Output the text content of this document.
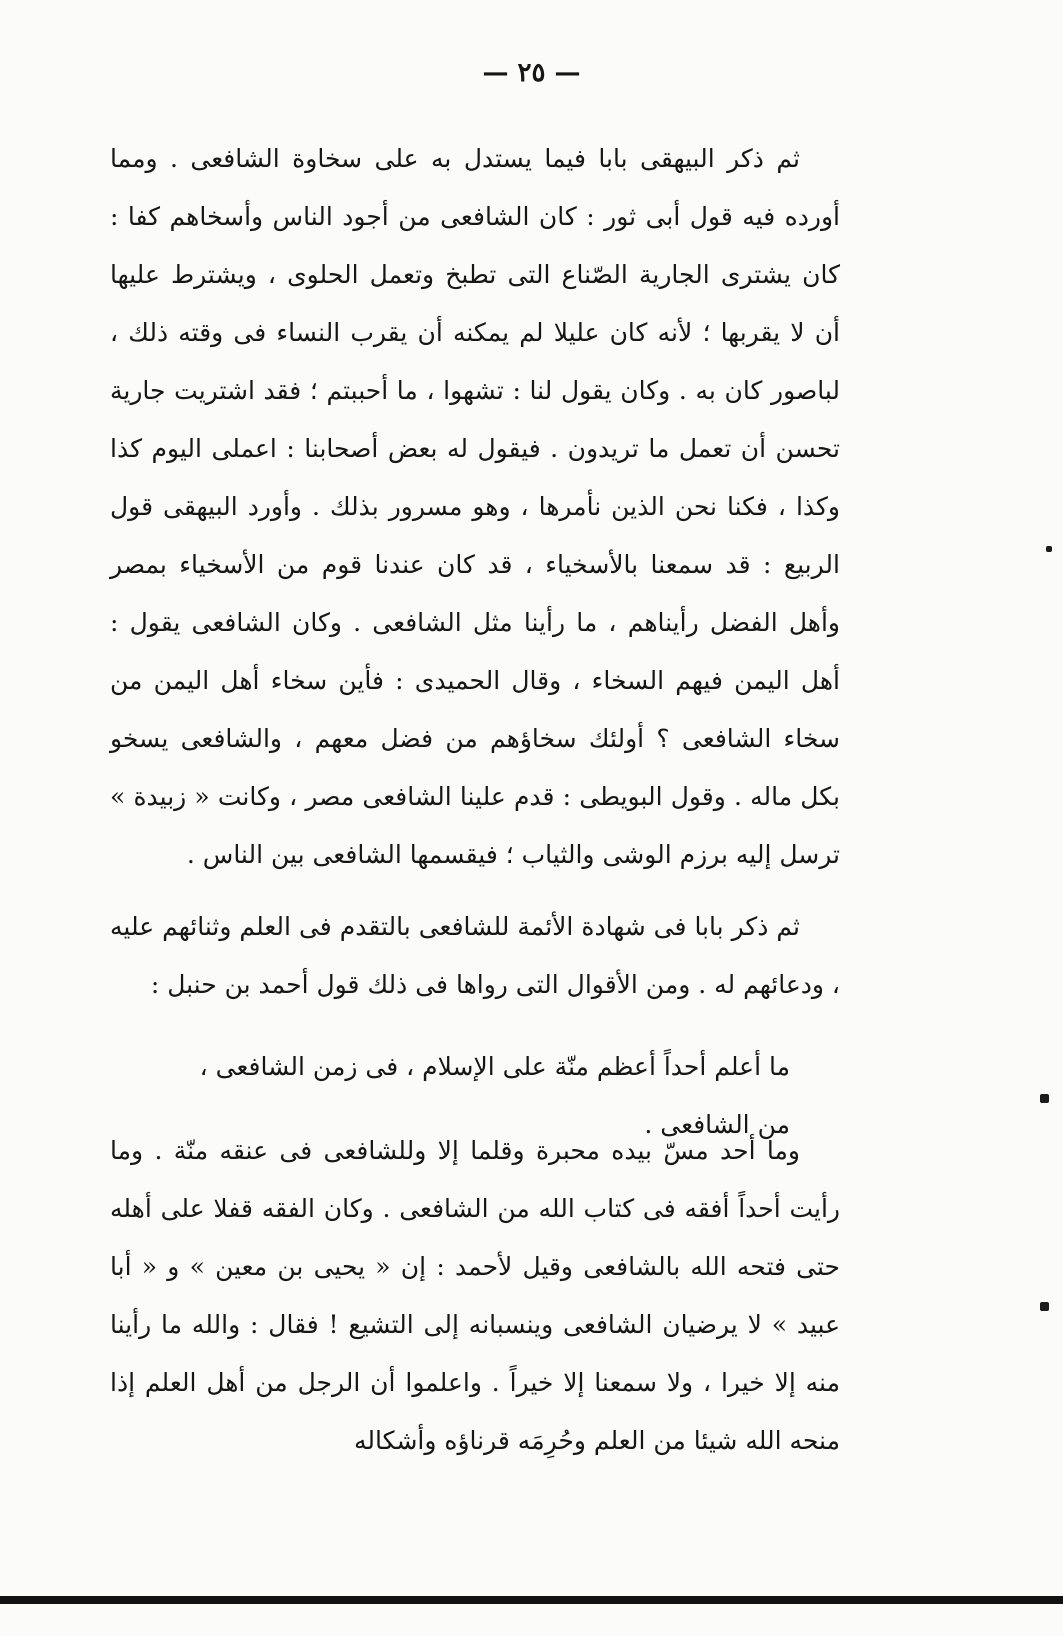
— ٢٥ —

ثم ذكر البيهقى بابا فيما يستدل به على سخاوة الشافعى . ومما أورده فيه قول أبى ثور : كان الشافعى من أجود الناس وأسخاهم كفا : كان يشترى الجارية الصّناع التى تطبخ وتعمل الحلوى ، ويشترط عليها أن لا يقربها ؛ لأنه كان عليلا لم يمكنه أن يقرب النساء فى وقته ذلك ، لباصور كان به . وكان يقول لنا : تشهوا ، ما أحببتم ؛ فقد اشتريت جارية تحسن أن تعمل ما تريدون . فيقول له بعض أصحابنا : اعملى اليوم كذا وكذا ، فكنا نحن الذين نأمرها ، وهو مسرور بذلك . وأورد البيهقى قول الربيع : قد سمعنا بالأسخياء ، قد كان عندنا قوم من الأسخياء بمصر وأهل الفضل رأيناهم ، ما رأينا مثل الشافعى . وكان الشافعى يقول : أهل اليمن فيهم السخاء ، وقال الحميدى : فأين سخاء أهل اليمن من سخاء الشافعى ؟ أولئك سخاؤهم من فضل معهم ، والشافعى يسخو بكل ماله . وقول البويطى : قدم علينا الشافعى مصر ، وكانت « زبيدة » ترسل إليه برزم الوشى والثياب ؛ فيقسمها الشافعى بين الناس .

ثم ذكر بابا فى شهادة الأئمة للشافعى بالتقدم فى العلم وثنائهم عليه ، ودعائهم له . ومن الأقوال التى رواها فى ذلك قول أحمد بن حنبل :

ما أعلم أحداً أعظم منّة على الإسلام ، فى زمن الشافعى ، من الشافعى .

وما أحد مسّ بيده محبرة وقلما إلا وللشافعى فى عنقه منّة . وما رأيت أحداً أفقه فى كتاب الله من الشافعى . وكان الفقه قفلا على أهله حتى فتحه الله بالشافعى وقيل لأحمد : إن « يحيى بن معين » و « أبا عبيد » لا يرضيان الشافعى وينسبانه إلى التشيع ! فقال : والله ما رأينا منه إلا خيرا ، ولا سمعنا إلا خيراً . واعلموا أن الرجل من أهل العلم إذا منحه الله شيئا من العلم وحُرِمَه قرناؤه وأشكاله
